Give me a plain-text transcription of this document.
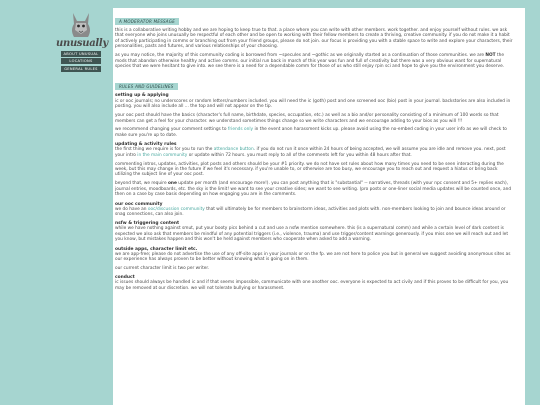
unusually
ABOUT UNUSUAL
LOCATIONS
GENERAL RULES
A MODERATOR MESSAGE

this is a collaborative writing hobby and we are hoping to keep true to that. a place where you can write with other members. work together. and enjoy yourself without rules. we ask that everyone who joins unusually be respectful of each other and be open to working with their fellow members to create a thriving, creative community. if you do not make it a habit of actively participating in comms or branching out from your friend groups, please do not join. our focus is providing you with a stable space to write and explore your characters, their personalities, pasts and futures, and various relationships of your choosing.

as you may notice, the majority of this community coding is borrowed from ~specules and ~gothic as we originally started as a continuation of those communities. we are NOT the mods that abandon otherwise healthy and active comms. our initial run back in march of this year was fun and full of creativity but there was a very obvious want for supernatural species that we were hesitant to give into. we see there is a need for a dependable comm for those of us who still enjoy rpin sci and hope to give you the environment you deserve.

RULES AND GUIDELINES
setting up & applying

ic or ooc journals; no underscores or random letters/numbers included. you will need the ic (goth) post and one screened ooc (bio) post in your journal. backstories are also included in posting. you will also include all ... the top and will not appear on the tip.

your ooc post should have the basics (character's full name, birthdate, species, occupation, etc.) as well as a bio and/or personality consisting of a minimum of 100 words so that members can get a feel for your character. we understand sometimes things change so we write characters and we encourage adding to your bios as you will !!!

we recommend changing your comment settings to friends only in the event anon harassment kicks up. please avoid using the no-embed coding in your user info as we will check to make sure you're up to date.

updating & activity rules

the first thing we require is for you to run the attendance button. if you do not run it once within 24 hours of being accepted, we will assume you are idle and remove you. next, post your intro in the main community or update within 72 hours. you must reply to all of the comments left for you within 48 hours after that.

commenting intros, updates, activities, plot posts and others should be your #1 priority. we do not have set rules about how many times you need to be seen interacting during the week, but this may change in the future if we feel it's necessary. if you're unable to, or otherwise are too busy, we encourage you to reach out and request a hiatus or bring back utilizing the subject line of your ooc post.

beyond that, we require one update per month (and encourage more!). you can post anything that is "substantial" -- narratives, threads (with your npc consent and 5+ replies each), journal entries, moodboards, etc. the sky is the limit! we want to see your creative sides; we want to see writing. (pro posts or one-liner social media updates will be counted once, and then on a case by case basis depending on how engaging you are in the comments.

our ooc community

we do have an ooc/discussion community that will ultimately be for members to brainstorm ideas, activities and plots with. non-members looking to join and bounce ideas around or snag connections, can also join.

nsfw & triggering content

while we have nothing against smut, put your booty pics behind a cut and use a nsfw mention somewhere. this (is a supernatural comm) and while a certain level of dark content is expected we also ask that members be mindful of any potential triggers (i.e., violence, trauma) and use trigger/content warnings generously. if you miss one we will reach out and let you know, but mistakes happen and this won't be held against members who cooperate when asked to add a warning.

outside apps, character limit etc.

we are app-free; please do not advertise the use of any off-site apps in your journals or on the fp. we are not here to police you but in general we suggest avoiding anonymous sites as our experience has always proven to be better without knowing what is going on in them.

our current character limit is two per writer.

conduct

ic issues should always be handled ic and if that seems impossible, communicate with one another ooc. everyone is expected to act civily and if this proves to be difficult for you, you may be removed at our discretion. we will not tolerate bullying or harassment.
